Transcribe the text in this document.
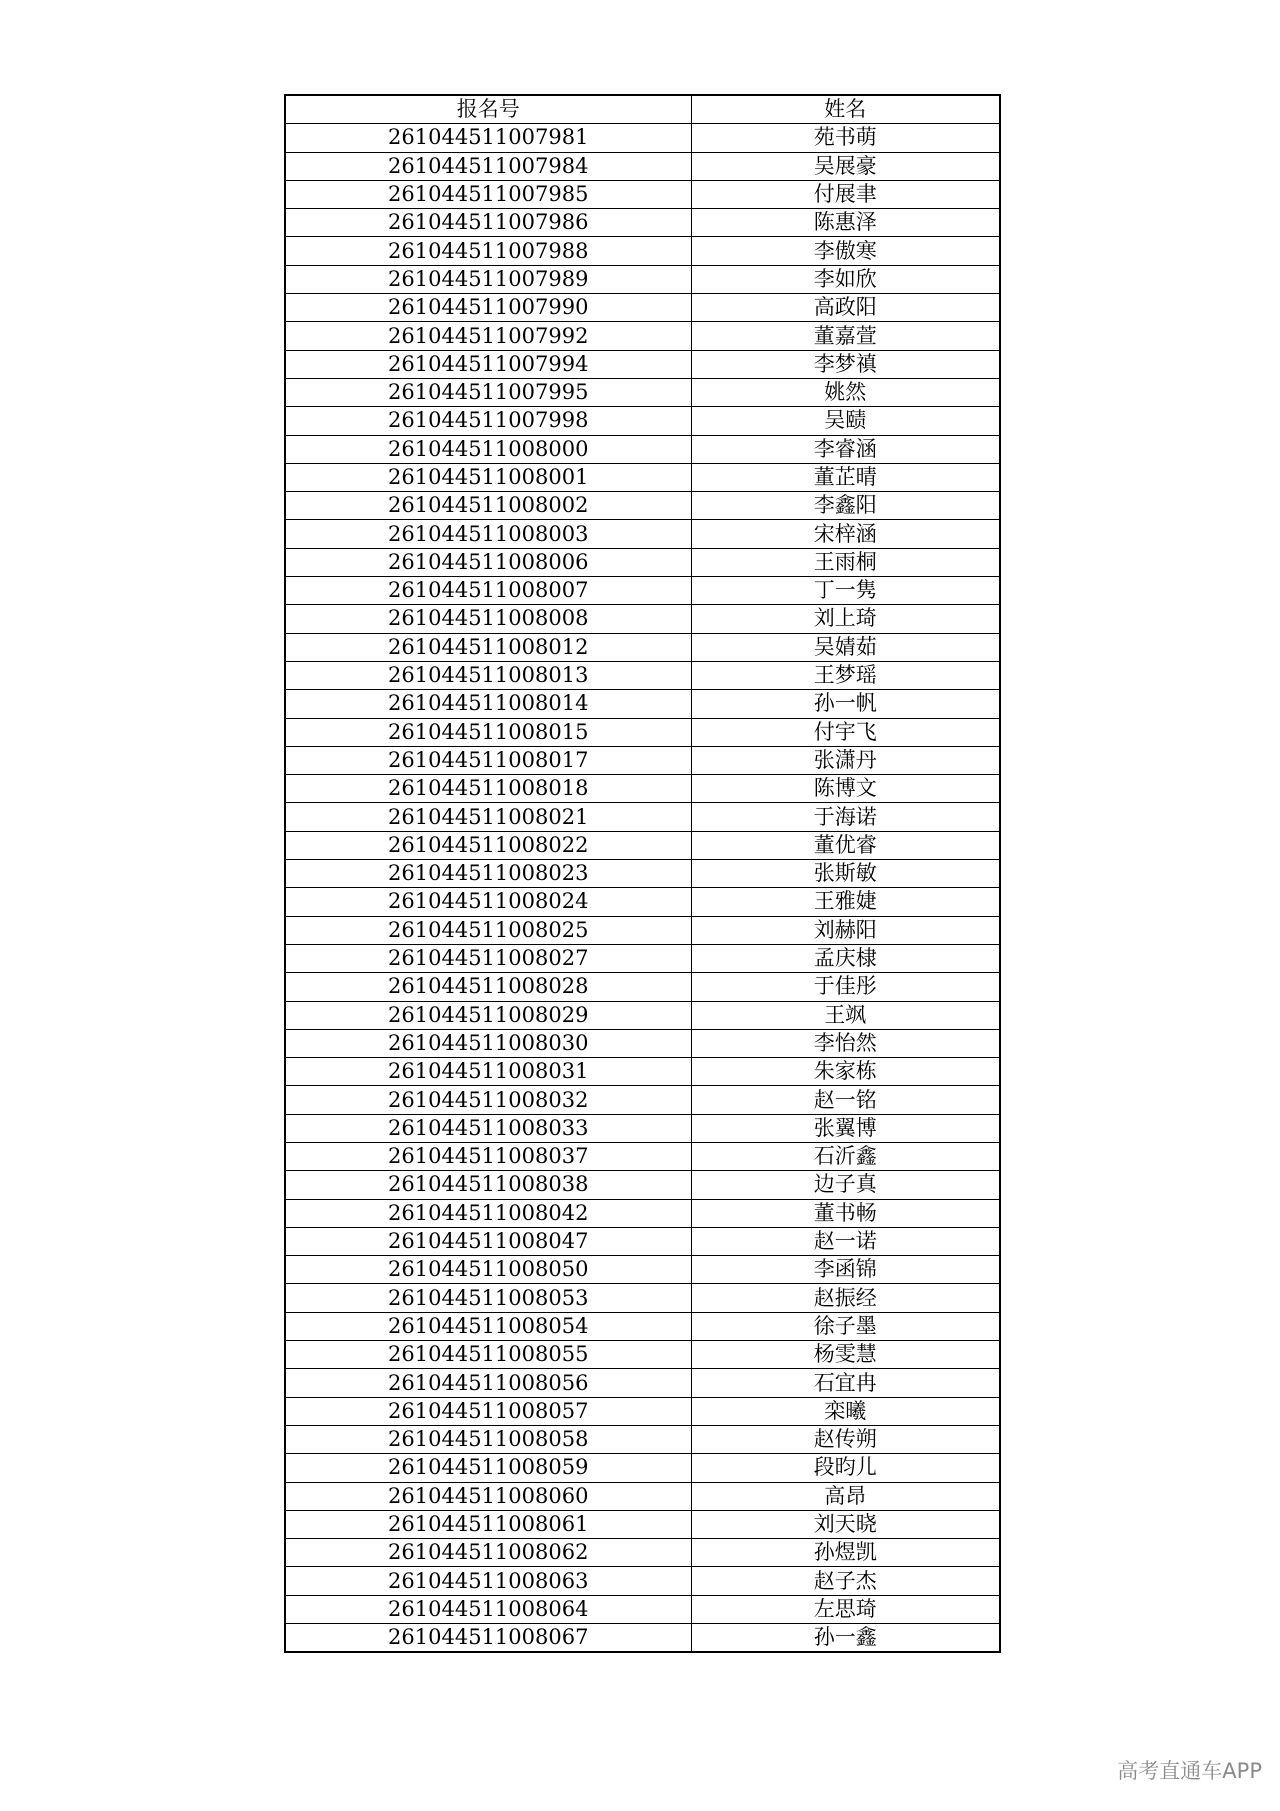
报名号	姓名
261044511007981	苑书萌
261044511007984	吴展豪
261044511007985	付展聿
261044511007986	陈惠泽
261044511007988	李傲寒
261044511007989	李如欣
261044511007990	高政阳
261044511007992	董嘉萱
261044511007994	李梦禛
261044511007995	姚然
261044511007998	吴赜
261044511008000	李睿涵
261044511008001	董芷晴
261044511008002	李鑫阳
261044511008003	宋梓涵
261044511008006	王雨桐
261044511008007	丁一隽
261044511008008	刘上琦
261044511008012	吴婧茹
261044511008013	王梦瑶
261044511008014	孙一帆
261044511008015	付宇飞
261044511008017	张潇丹
261044511008018	陈博文
261044511008021	于海诺
261044511008022	董优睿
261044511008023	张斯敏
261044511008024	王雅婕
261044511008025	刘赫阳
261044511008027	孟庆棣
261044511008028	于佳彤
261044511008029	王飒
261044511008030	李怡然
261044511008031	朱家栋
261044511008032	赵一铭
261044511008033	张翼博
261044511008037	石沂鑫
261044511008038	边子真
261044511008042	董书畅
261044511008047	赵一诺
261044511008050	李函锦
261044511008053	赵振经
261044511008054	徐子墨
261044511008055	杨雯慧
261044511008056	石宜冉
261044511008057	栾曦
261044511008058	赵传朔
261044511008059	段昀儿
261044511008060	高昂
261044511008061	刘天晓
261044511008062	孙煜凯
261044511008063	赵子杰
261044511008064	左思琦
261044511008067	孙一鑫
高考直通车APP
